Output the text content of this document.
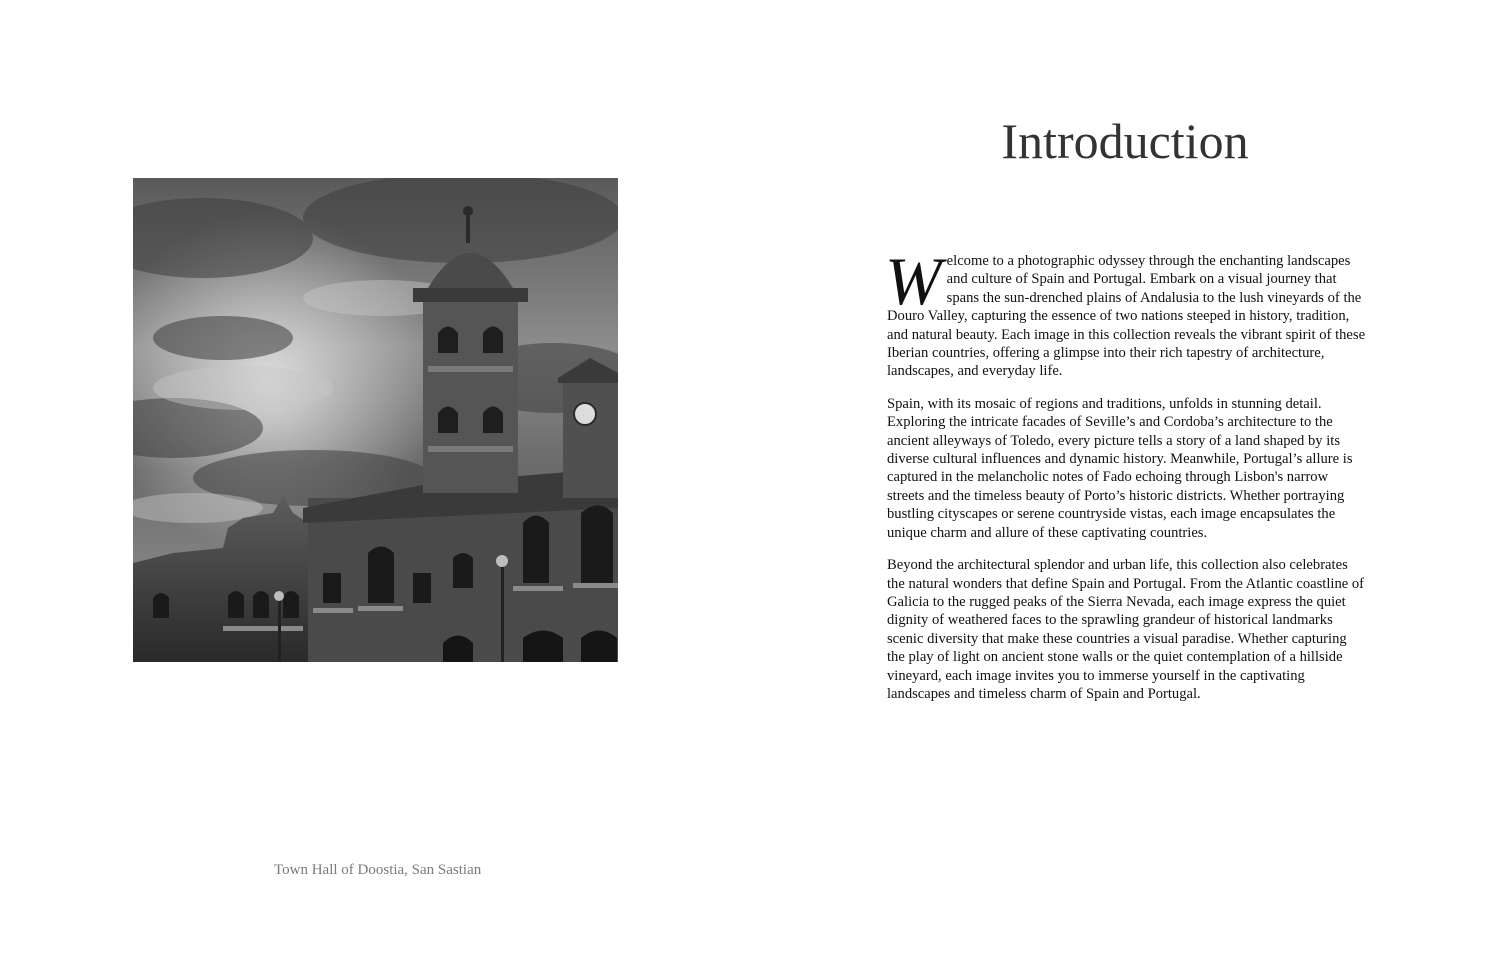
Town Hall of Doostia, San Sastian
Introduction

Welcome to a photographic odyssey through the enchanting landscapes and culture of Spain and Portugal. Embark on a visual journey that spans the sun-drenched plains of Andalusia to the lush vineyards of the Douro Valley, capturing the essence of two nations steeped in history, tradition, and natural beauty. Each image in this collection reveals the vibrant spirit of these Iberian countries, offering a glimpse into their rich tapestry of architecture, landscapes, and everyday life.

Spain, with its mosaic of regions and traditions, unfolds in stunning detail. Exploring the intricate facades of Seville’s and Cordoba’s architecture to the ancient alleyways of Toledo, every picture tells a story of a land shaped by its diverse cultural influences and dynamic history. Meanwhile, Portugal’s allure is captured in the melancholic notes of Fado echoing through Lisbon's narrow streets and the timeless beauty of Porto’s historic districts. Whether portraying bustling cityscapes or serene countryside vistas, each image encapsulates the unique charm and allure of these captivating countries.

Beyond the architectural splendor and urban life, this collection also celebrates the natural wonders that define Spain and Portugal. From the Atlantic coastline of Galicia to the rugged peaks of the Sierra Nevada, each image express the quiet dignity of weathered faces to the sprawling grandeur of historical landmarks scenic diversity that make these countries a visual paradise. Whether capturing the play of light on ancient stone walls or the quiet contemplation of a hillside vineyard, each image invites you to immerse yourself in the captivating landscapes and timeless charm of Spain and Portugal.
